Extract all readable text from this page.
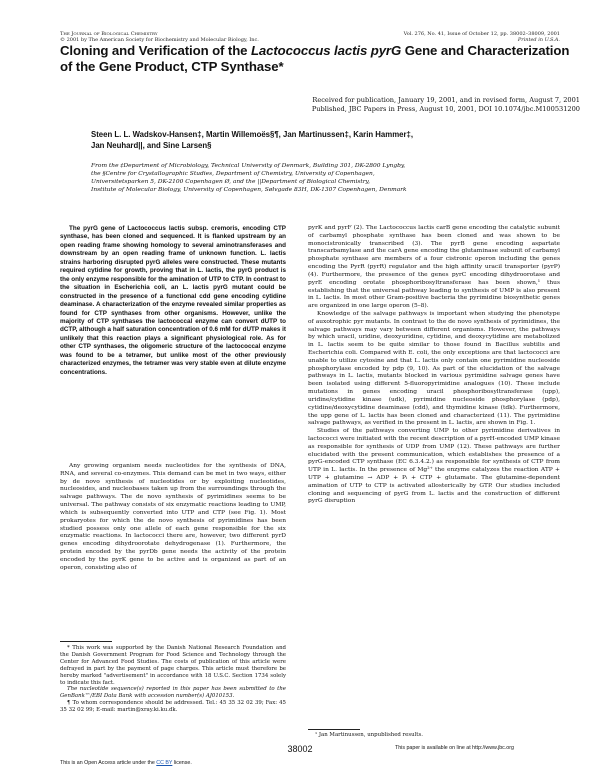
The Journal of Biological Chemistry
© 2001 by The American Society for Biochemistry and Molecular Biology, Inc.
Vol. 276, No. 41, Issue of October 12, pp. 38002–38009, 2001
Printed in U.S.A.
Cloning and Verification of the Lactococcus lactis pyrG Gene and Characterization of the Gene Product, CTP Synthase*
Received for publication, January 19, 2001, and in revised form, August 7, 2001
Published, JBC Papers in Press, August 10, 2001, DOI 10.1074/jbc.M100531200
Steen L. L. Wadskov-Hansen‡, Martin Willemoës§¶, Jan Martinussen‡, Karin Hammer‡,
Jan Neuhard||, and Sine Larsen§
From the ‡Department of Microbiology, Technical University of Denmark, Building 301, DK-2800 Lyngby,
the §Centre for Crystallographic Studies, Department of Chemistry, University of Copenhagen,
Universitetsparken 5, DK-2100 Copenhagen Ø, and the ||Department of Biological Chemistry,
Institute of Molecular Biology, University of Copenhagen, Sølvgade 83H, DK-1307 Copenhagen, Denmark

The pyrG gene of Lactococcus lactis subsp. cremoris, encoding CTP synthase, has been cloned and sequenced. It is flanked upstream by an open reading frame showing homology to several aminotransferases and downstream by an open reading frame of unknown function. L. lactis strains harboring disrupted pyrG alleles were constructed. These mutants required cytidine for growth, proving that in L. lactis, the pyrG product is the only enzyme responsible for the amination of UTP to CTP. In contrast to the situation in Escherichia coli, an L. lactis pyrG mutant could be constructed in the presence of a functional cdd gene encoding cytidine deaminase. A characterization of the enzyme revealed similar properties as found for CTP synthases from other organisms. However, unlike the majority of CTP synthases the lactococcal enzyme can convert dUTP to dCTP, although a half saturation concentration of 0.6 mM for dUTP makes it unlikely that this reaction plays a significant physiological role. As for other CTP synthases, the oligomeric structure of the lactococcal enzyme was found to be a tetramer, but unlike most of the other previously characterized enzymes, the tetramer was very stable even at dilute enzyme concentrations.

Any growing organism needs nucleotides for the synthesis of DNA, RNA, and several co-enzymes. This demand can be met in two ways, either by de novo synthesis of nucleotides or by exploiting nucleotides, nucleosides, and nucleobases taken up from the surroundings through the salvage pathways. The de novo synthesis of pyrimidines seems to be universal. The pathway consists of six enzymatic reactions leading to UMP, which is subsequently converted into UTP and CTP (see Fig. 1). Most prokaryotes for which the de novo synthesis of pyrimidines has been studied possess only one allele of each gene responsible for the six enzymatic reactions. In lactococci there are, however, two different pyrD genes encoding dihydroorotate dehydrogenase (1). Furthermore, the protein encoded by the pyrDb gene needs the activity of the protein encoded by the pyrK gene to be active and is organized as part of an operon, consisting also of

* This work was supported by the Danish National Research Foundation and the Danish Government Program for Food Science and Technology through the Center for Advanced Food Studies. The costs of publication of this article were defrayed in part by the payment of page charges. This article must therefore be hereby marked "advertisement" in accordance with 18 U.S.C. Section 1734 solely to indicate this fact.

The nucleotide sequence(s) reported in this paper has been submitted to the GenBank™/EBI Data Bank with accession number(s) AJ010153.

¶ To whom correspondence should be addressed. Tel.: 45 35 32 02 39; Fax: 45 35 32 02 99; E-mail: martin@xray.ki.ku.dk.

pyrK and pyrF (2). The Lactococcus lactis carB gene encoding the catalytic subunit of carbamyl phosphate synthase has been cloned and was shown to be monocistronically transcribed (3). The pyrB gene encoding aspartate transcarbamylase and the carA gene encoding the glutaminase subunit of carbamyl phosphate synthase are members of a four cistronic operon including the genes encoding the PyrR (pyrR) regulator and the high affinity uracil transporter (pyrP) (4). Furthermore, the presence of the genes pyrC encoding dihydroorotase and pyrE encoding orotate phosphoribosyltransferase has been shown,¹ thus establishing that the universal pathway leading to synthesis of UMP is also present in L. lactis. In most other Gram-positive bacteria the pyrimidine biosynthetic genes are organized in one large operon (5–8).

Knowledge of the salvage pathways is important when studying the phenotype of auxotrophic pyr mutants. In contrast to the de novo synthesis of pyrimidines, the salvage pathways may vary between different organisms. However, the pathways by which uracil, uridine, deoxyuridine, cytidine, and deoxycytidine are metabolized in L. lactis seem to be quite similar to those found in Bacillus subtilis and Escherichia coli. Compared with E. coli, the only exceptions are that lactococci are unable to utilize cytosine and that L. lactis only contain one pyrimidine nucleoside phosphorylase encoded by pdp (9, 10). As part of the elucidation of the salvage pathways in L. lactis, mutants blocked in various pyrimidine salvage genes have been isolated using different 5-fluoropyrimidine analogues (10). These include mutations in genes encoding uracil phosphoribosyltransferase (upp), uridine/cytidine kinase (udk), pyrimidine nucleoside phosphorylase (pdp), cytidine/deoxycytidine deaminase (cdd), and thymidine kinase (tdk). Furthermore, the upp gene of L. lactis has been cloned and characterized (11). The pyrimidine salvage pathways, as verified in the present in L. lactis, are shown in Fig. 1.

Studies of the pathways converting UMP to other pyrimidine derivatives in lactococci were initiated with the recent description of a pyrH-encoded UMP kinase as responsible for synthesis of UDP from UMP (12). These pathways are further elucidated with the present communication, which establishes the presence of a pyrG-encoded CTP synthase (EC 6.3.4.2.) as responsible for synthesis of CTP from UTP in L. lactis. In the presence of Mg²⁺ the enzyme catalyzes the reaction ATP + UTP + glutamine → ADP + Pᵢ + CTP + glutamate. The glutamine-dependent amination of UTP to CTP is activated allosterically by GTP. Our studies included cloning and sequencing of pyrG from L. lactis and the construction of different pyrG disruption

¹ Jan Martinussen, unpublished results.
38002	This paper is available on line at http://www.jbc.org
This is an Open Access article under the CC BY license.
